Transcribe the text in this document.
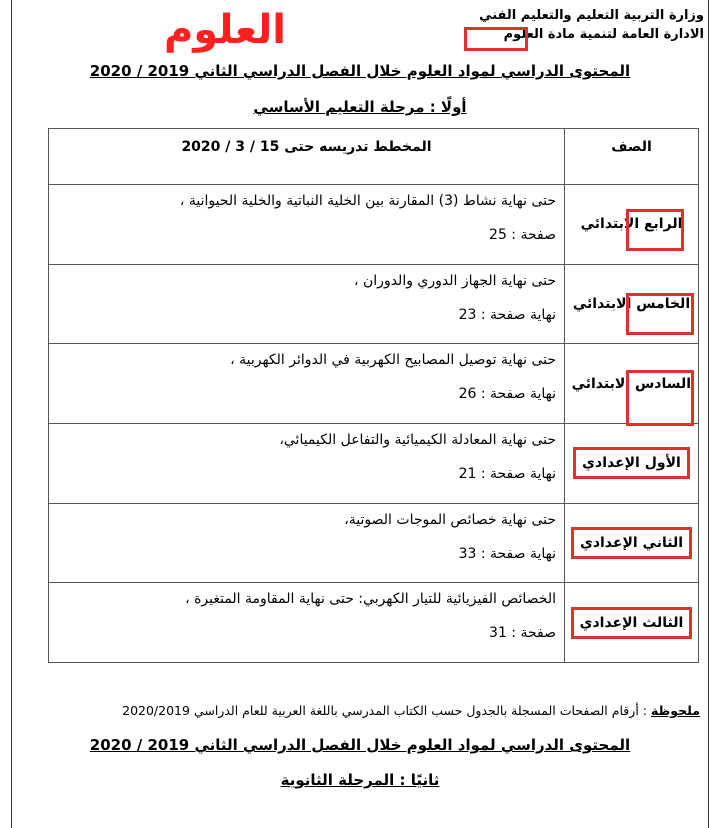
العلوم	وزارة التربية التعليم والتعليم الفني
الادارة العامة لتنمية مادة العلوم
المحتوى الدراسي لمواد العلوم خلال الفصل الدراسي الثاني 2019 / 2020
أولًا : مرحلة التعليم الأساسي
الصف	المخطط تدريسه حتى 15 / 3 / 2020
الرابع الابتدائي	حتى نهاية نشاط (3) المقارنة بين الخلية النباتية والخلية الحيوانية ،
صفحة : 25

الخامس الابتدائي	حتى نهاية الجهاز الدوري والدوران ،
نهاية صفحة : 23

السادس الابتدائي	حتى نهاية توصيل المصابيح الكهربية في الدوائر الكهربية ،
نهاية صفحة : 26

الأول الإعدادي	حتى نهاية المعادلة الكيميائية والتفاعل الكيميائي،
نهاية صفحة : 21

الثاني الإعدادي	حتى نهاية خصائص الموجات الصوتية،
نهاية صفحة : 33

الثالث الإعدادي	الخصائص الفيزيائية للتيار الكهربي: حتى نهاية المقاومة المتغيرة ،
صفحة : 31
ملحوظة : أرقام الصفحات المسجلة بالجدول حسب الكتاب المدرسي باللغة العربية للعام الدراسي 2020/2019
المحتوى الدراسي لمواد العلوم خلال الفصل الدراسي الثاني 2019 / 2020
ثانيًا : المرحلة الثانوية
